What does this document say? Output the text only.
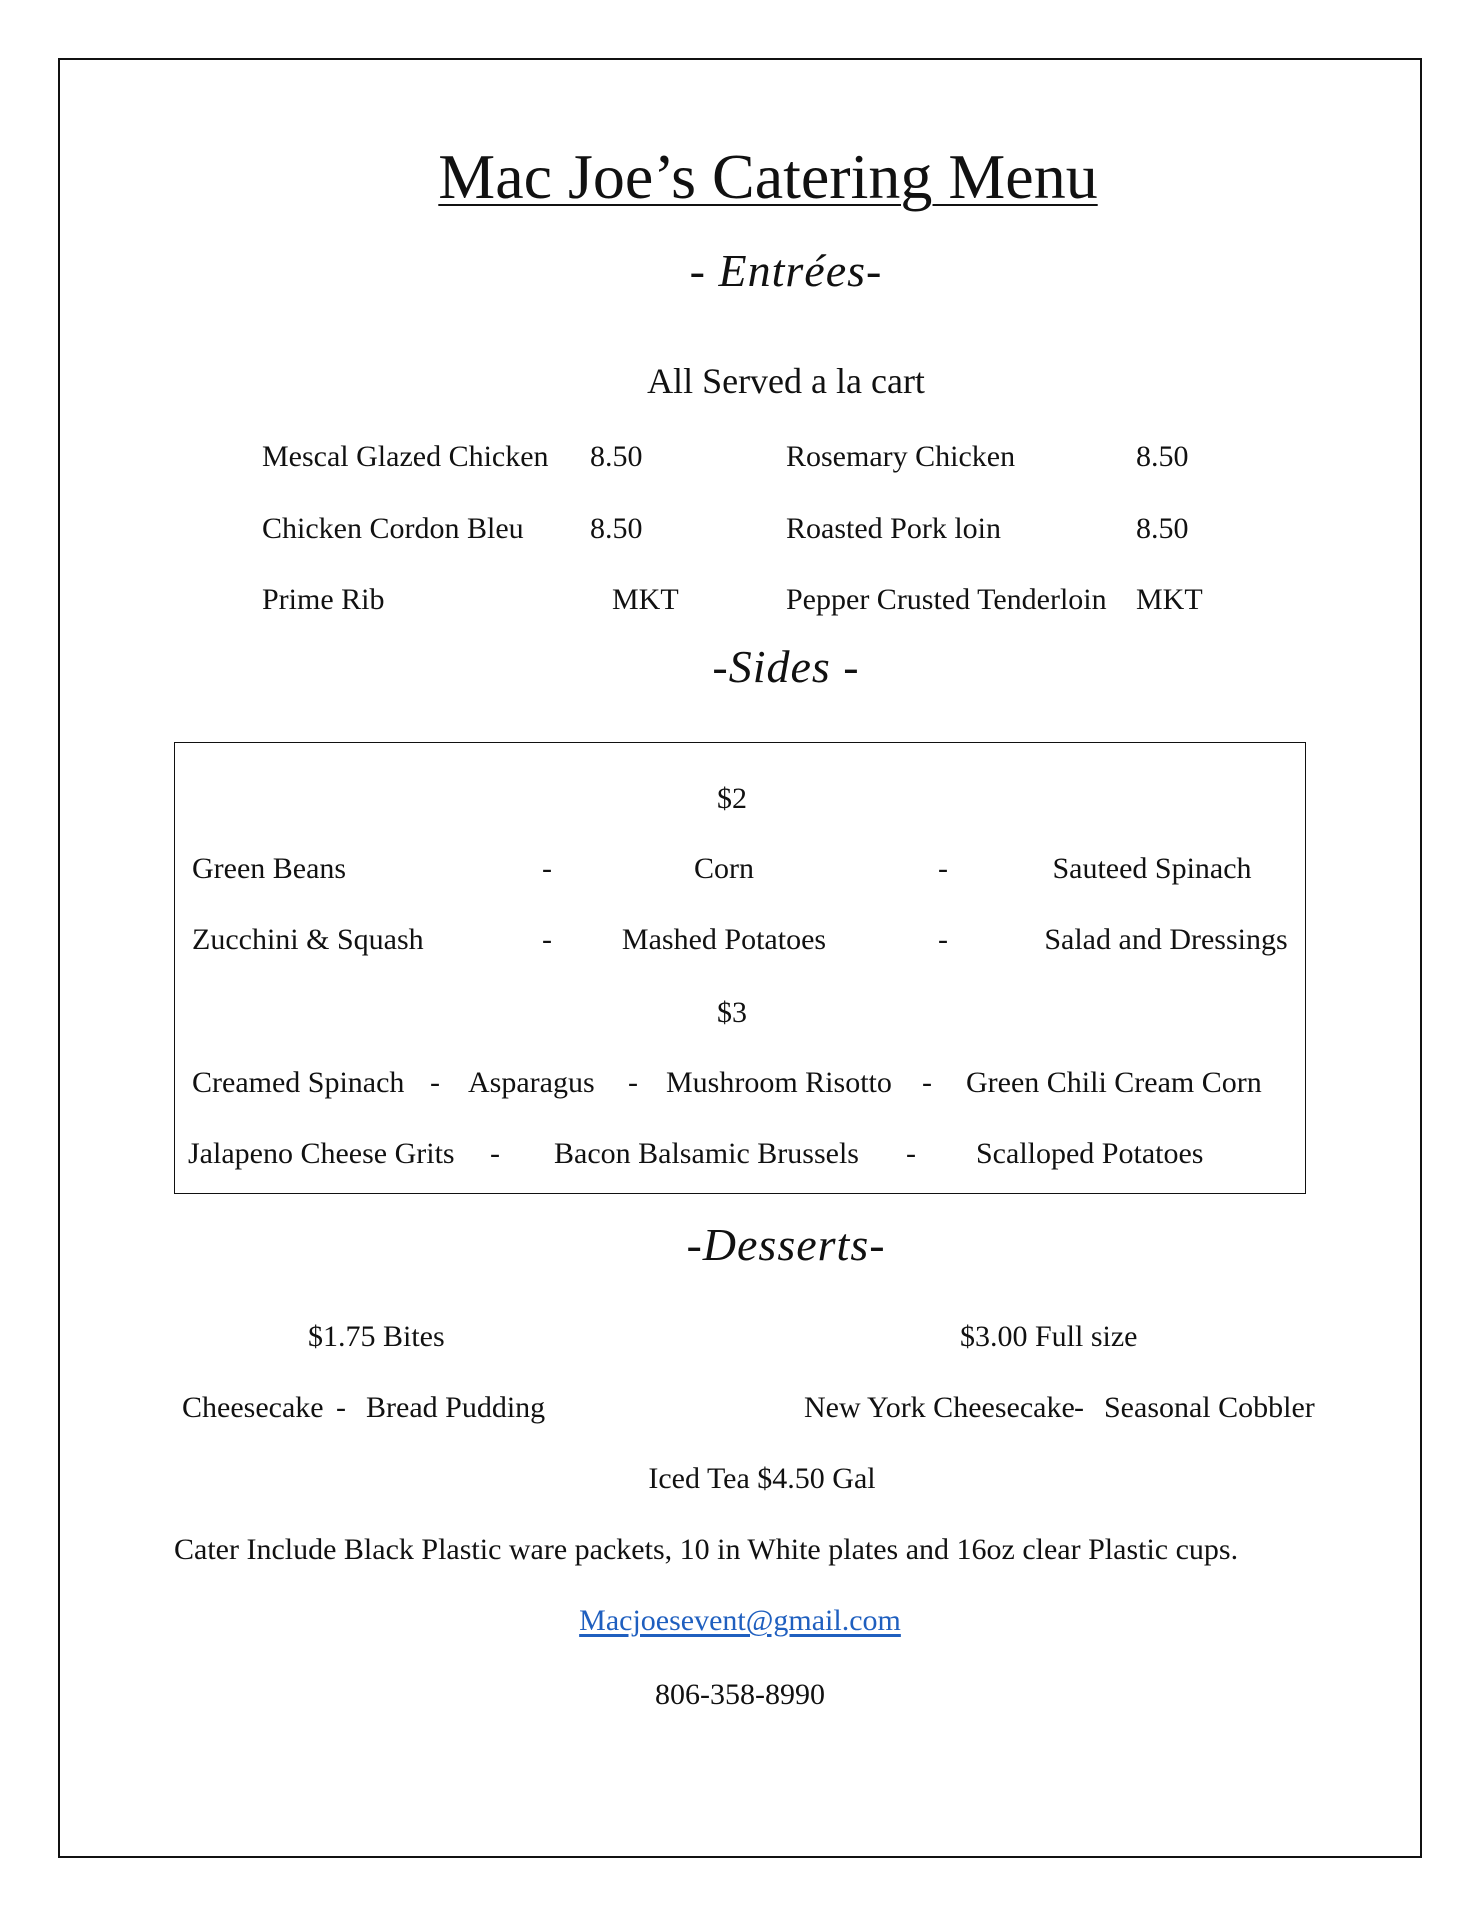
Mac Joe’s Catering Menu
- Entrées-
All Served a la cart
Mescal Glazed Chicken 8.50	Rosemary Chicken	8.50
Chicken Cordon Bleu 8.50	Roasted Pork loin	8.50
Prime Rib	MKT	Pepper Crusted Tenderloin MKT
-Sides -
$2
Green Beans	-	Corn	-	Sauteed Spinach
Zucchini & Squash	- Mashed Potatoes	-	Salad and Dressings
$3
Creamed Spinach - Asparagus - Mushroom Risotto - Green Chili Cream Corn
Jalapeno Cheese Grits - Bacon Balsamic Brussels - Scalloped Potatoes
-Desserts-
$1.75 Bites	$3.00 Full size
Cheesecake - Bread Pudding	New York Cheesecake - Seasonal Cobbler
Iced Tea $4.50 Gal
Cater Include Black Plastic ware packets, 10 in White plates and 16oz clear Plastic cups.
Macjoesevent@gmail.com
806-358-8990
